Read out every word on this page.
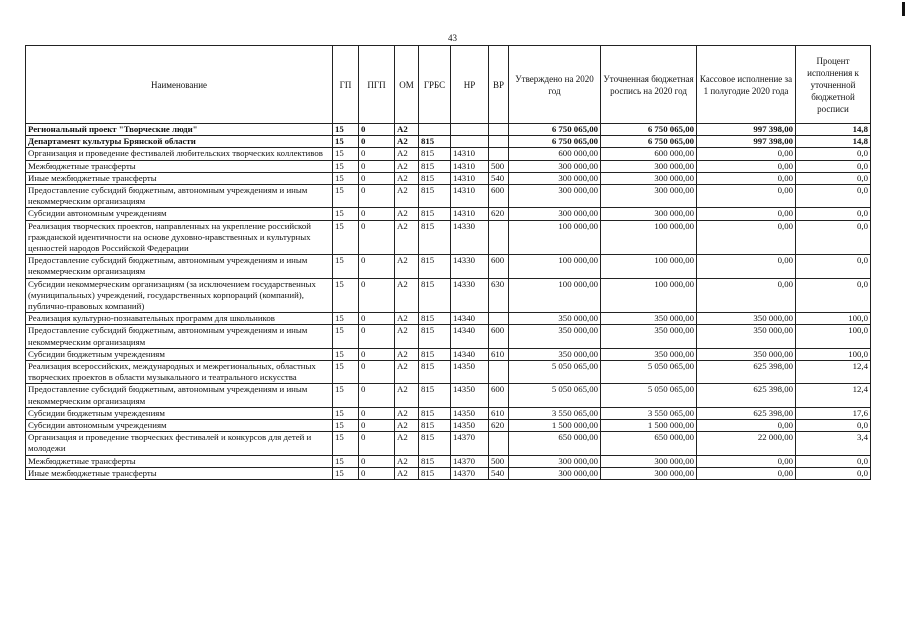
43
Наименование	ГП	ПГП	ОМ	ГРБС	НР	ВР	Утверждено на 2020 год	Уточненная бюджетная роспись на 2020 год	Кассовое исполнение за 1 полугодие 2020 года	Процент исполнения к уточненной бюджетной росписи
Региональный проект "Творческие люди"	15	0	А2				6 750 065,00	6 750 065,00	997 398,00	14,8
Департамент культуры Брянской области	15	0	А2	815			6 750 065,00	6 750 065,00	997 398,00	14,8
Организация и проведение фестивалей любительских творческих коллективов	15	0	А2	815	14310		600 000,00	600 000,00	0,00	0,0
Межбюджетные трансферты	15	0	А2	815	14310	500	300 000,00	300 000,00	0,00	0,0
Иные межбюджетные трансферты	15	0	А2	815	14310	540	300 000,00	300 000,00	0,00	0,0
Предоставление субсидий бюджетным, автономным учреждениям и иным некоммерческим организациям	15	0	А2	815	14310	600	300 000,00	300 000,00	0,00	0,0
Субсидии автономным учреждениям	15	0	А2	815	14310	620	300 000,00	300 000,00	0,00	0,0
Реализация творческих проектов, направленных на укрепление российской гражданской идентичности на основе духовно-нравственных и культурных ценностей народов Российской Федерации	15	0	А2	815	14330		100 000,00	100 000,00	0,00	0,0
Предоставление субсидий бюджетным, автономным учреждениям и иным некоммерческим организациям	15	0	А2	815	14330	600	100 000,00	100 000,00	0,00	0,0
Субсидии некоммерческим организациям (за исключением государственных (муниципальных) учреждений, государственных корпораций (компаний), публично-правовых компаний)	15	0	А2	815	14330	630	100 000,00	100 000,00	0,00	0,0
Реализация культурно-познавательных программ для школьников	15	0	А2	815	14340		350 000,00	350 000,00	350 000,00	100,0
Предоставление субсидий бюджетным, автономным учреждениям и иным некоммерческим организациям	15	0	А2	815	14340	600	350 000,00	350 000,00	350 000,00	100,0
Субсидии бюджетным учреждениям	15	0	А2	815	14340	610	350 000,00	350 000,00	350 000,00	100,0
Реализация всероссийских, международных и межрегиональных, областных творческих проектов в области музыкального и театрального искусства	15	0	А2	815	14350		5 050 065,00	5 050 065,00	625 398,00	12,4
Предоставление субсидий бюджетным, автономным учреждениям и иным некоммерческим организациям	15	0	А2	815	14350	600	5 050 065,00	5 050 065,00	625 398,00	12,4
Субсидии бюджетным учреждениям	15	0	А2	815	14350	610	3 550 065,00	3 550 065,00	625 398,00	17,6
Субсидии автономным учреждениям	15	0	А2	815	14350	620	1 500 000,00	1 500 000,00	0,00	0,0
Организация и проведение творческих фестивалей и конкурсов для детей и молодежи	15	0	А2	815	14370		650 000,00	650 000,00	22 000,00	3,4
Межбюджетные трансферты	15	0	А2	815	14370	500	300 000,00	300 000,00	0,00	0,0
Иные межбюджетные трансферты	15	0	А2	815	14370	540	300 000,00	300 000,00	0,00	0,0
